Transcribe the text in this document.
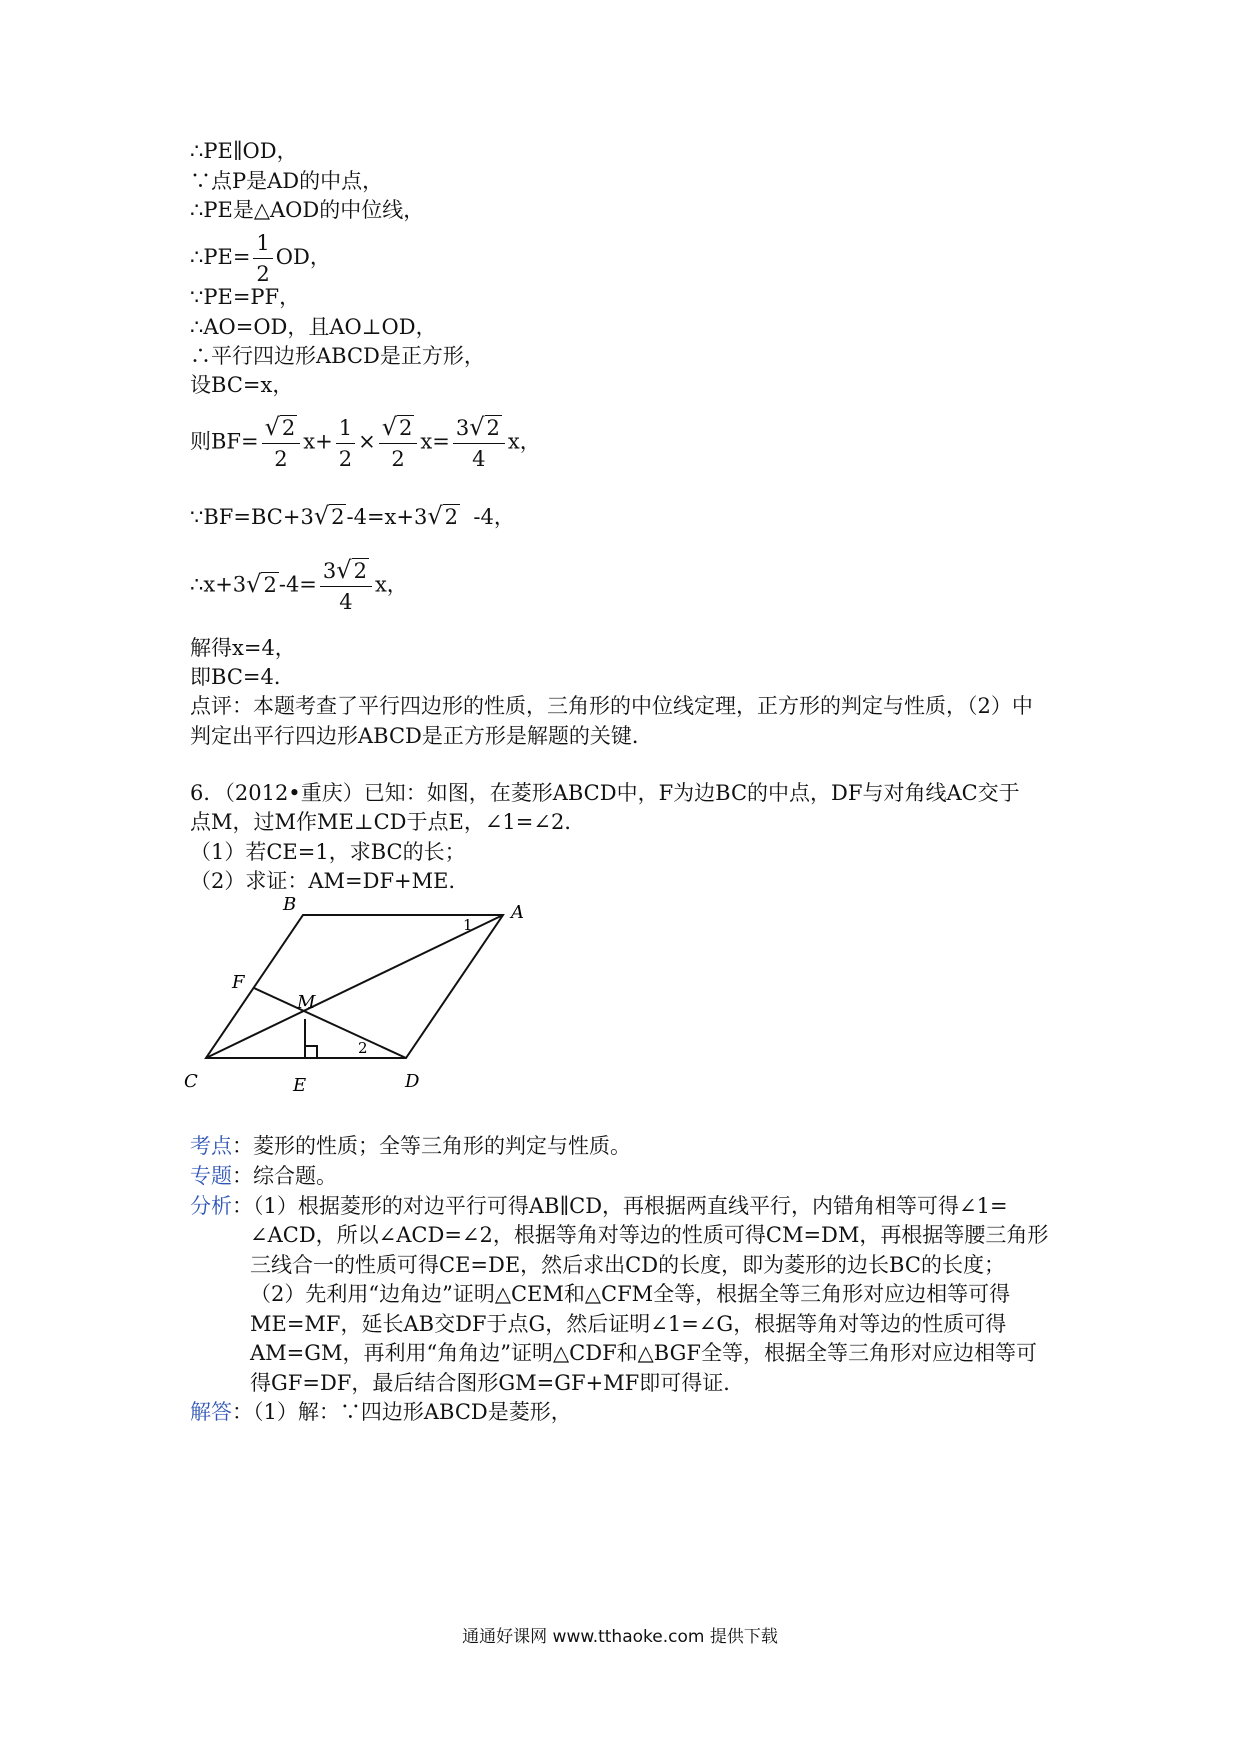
∴PE∥OD，
∵点P是AD的中点，
∴PE是△AOD的中位线，
∴PE= $\frac{1}{2}$ OD，
∵PE=PF，
∴AO=OD，且AO⊥OD，
∴平行四边形ABCD是正方形，
设BC=x，
则$BF= \frac{√2}{2} x+ \frac{1}{2} \times \frac{√2}{2} x= \frac{3√2}{4}$ x，
∵BF=BC+3√2-4=x+3√2 -4，
∴x+3√2-4= $\frac{3√2}{4}$ x，
解得x=4，
即BC=4．
点评：本题考查了平行四边形的性质，三角形的中位线定理，正方形的判定与性质，（2）中
判定出平行四边形ABCD是正方形是解题的关键．
6．（2012•重庆）已知：如图，在菱形ABCD中，F为边BC的中点，DF与对角线AC交于
点M，过M作ME⊥CD于点E，∠1=∠2．
（1）若CE=1，求BC的长；
（2）求证：AM=DF+ME．
B	A
1
F
M
2
C	E	D
考点：菱形的性质；全等三角形的判定与性质。
专题：综合题。
分析：（1）根据菱形的对边平行可得AB∥CD，再根据两直线平行，内错角相等可得∠1=
∠ACD，所以∠ACD=∠2，根据等角对等边的性质可得CM=DM，再根据等腰三角形
三线合一的性质可得CE=DE，然后求出CD的长度，即为菱形的边长BC的长度；
（2）先利用“边角边”证明△CEM和△CFM全等，根据全等三角形对应边相等可得
ME=MF，延长AB交DF于点G，然后证明∠1=∠G，根据等角对等边的性质可得
AM=GM，再利用“角角边”证明△CDF和△BGF全等，根据全等三角形对应边相等可
得GF=DF，最后结合图形GM=GF+MF即可得证．
解答：（1）解：∵四边形ABCD是菱形，
通通好课网 www.tthaoke.com 提供下载
